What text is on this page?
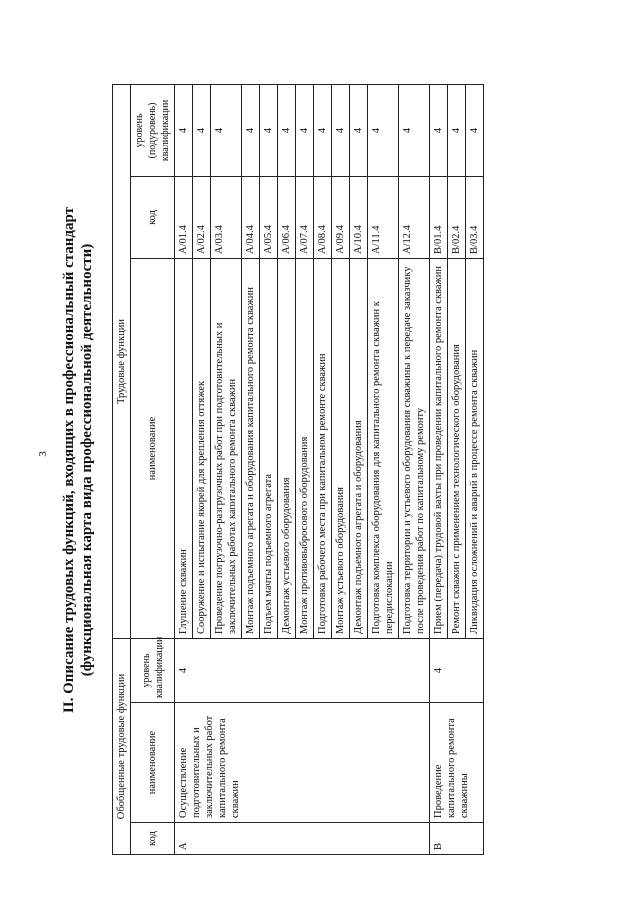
3 II. Описание трудовых функций, входящих в профессиональный стандарт (функциональная карта вида профессиональной деятельности)
Обобщенные трудовые функции			Трудовые функции		
код	наименование	уровень квалификации	наименование	код	уровень (подуровень) квалификации
А	Осуществление подготовительных и заключительных работ капитального ремонта скважин	4	Глушение скважин	А/01.4	4
			Сооружение и испытание якорей для крепления оттяжек	А/02.4	4
			Проведение погрузочно-разгрузочных работ при подготовительных и заключительных работах капитального ремонта скважин	А/03.4	4
			Монтаж подъемного агрегата и оборудования капитального ремонта скважин	А/04.4	4
			Подъем мачты подъемного агрегата	А/05.4	4
			Демонтаж устьевого оборудования	А/06.4	4
			Монтаж противовыбросового оборудования	А/07.4	4
			Подготовка рабочего места при капитальном ремонте скважин	А/08.4	4
			Монтаж устьевого оборудования	А/09.4	4
			Демонтаж подъемного агрегата и оборудования	А/10.4	4
			Подготовка комплекса оборудования для капитального ремонта скважин к передислокации	А/11.4	4
			Подготовка территории и устьевого оборудования скважины к передаче заказчику после проведения работ по капитальному ремонту	А/12.4	4
В	Проведение капитального ремонта скважины	4	Прием (передача) трудовой вахты при проведении капитального ремонта скважин	В/01.4	4
			Ремонт скважин с применением технологического оборудования	В/02.4	4
			Ликвидация осложнений и аварий в процессе ремонта скважин	В/03.4	4
